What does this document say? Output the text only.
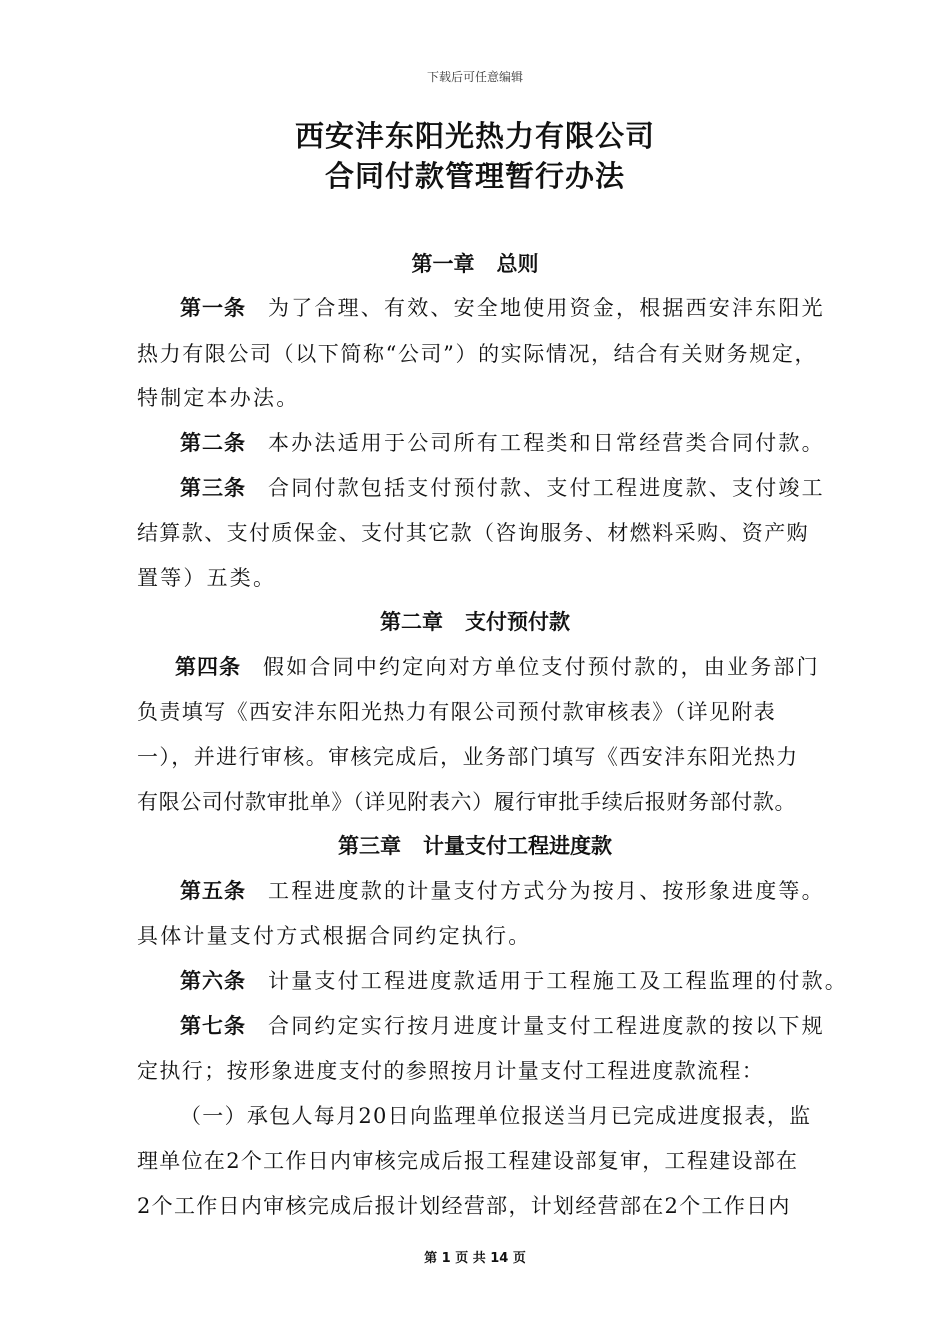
下载后可任意编辑
西安沣东阳光热力有限公司
合同付款管理暂行办法
第一章 总则
第一条 为了合理、有效、安全地使用资金，根据西安沣东阳光
热力有限公司（以下简称“公司”）的实际情况，结合有关财务规定，
特制定本办法。
第二条 本办法适用于公司所有工程类和日常经营类合同付款。
第三条 合同付款包括支付预付款、支付工程进度款、支付竣工
结算款、支付质保金、支付其它款（咨询服务、材燃料采购、资产购
置等）五类。
第二章 支付预付款
第四条 假如合同中约定向对方单位支付预付款的，由业务部门
负责填写《西安沣东阳光热力有限公司预付款审核表》（详见附表
一），并进行审核。审核完成后，业务部门填写《西安沣东阳光热力
有限公司付款审批单》（详见附表六）履行审批手续后报财务部付款。
第三章 计量支付工程进度款
第五条 工程进度款的计量支付方式分为按月、按形象进度等。
具体计量支付方式根据合同约定执行。
第六条 计量支付工程进度款适用于工程施工及工程监理的付款。
第七条 合同约定实行按月进度计量支付工程进度款的按以下规
定执行；按形象进度支付的参照按月计量支付工程进度款流程：
（一）承包人每月20日向监理单位报送当月已完成进度报表，监
理单位在2个工作日内审核完成后报工程建设部复审，工程建设部在
2个工作日内审核完成后报计划经营部，计划经营部在2个工作日内
第 1 页 共 14 页
